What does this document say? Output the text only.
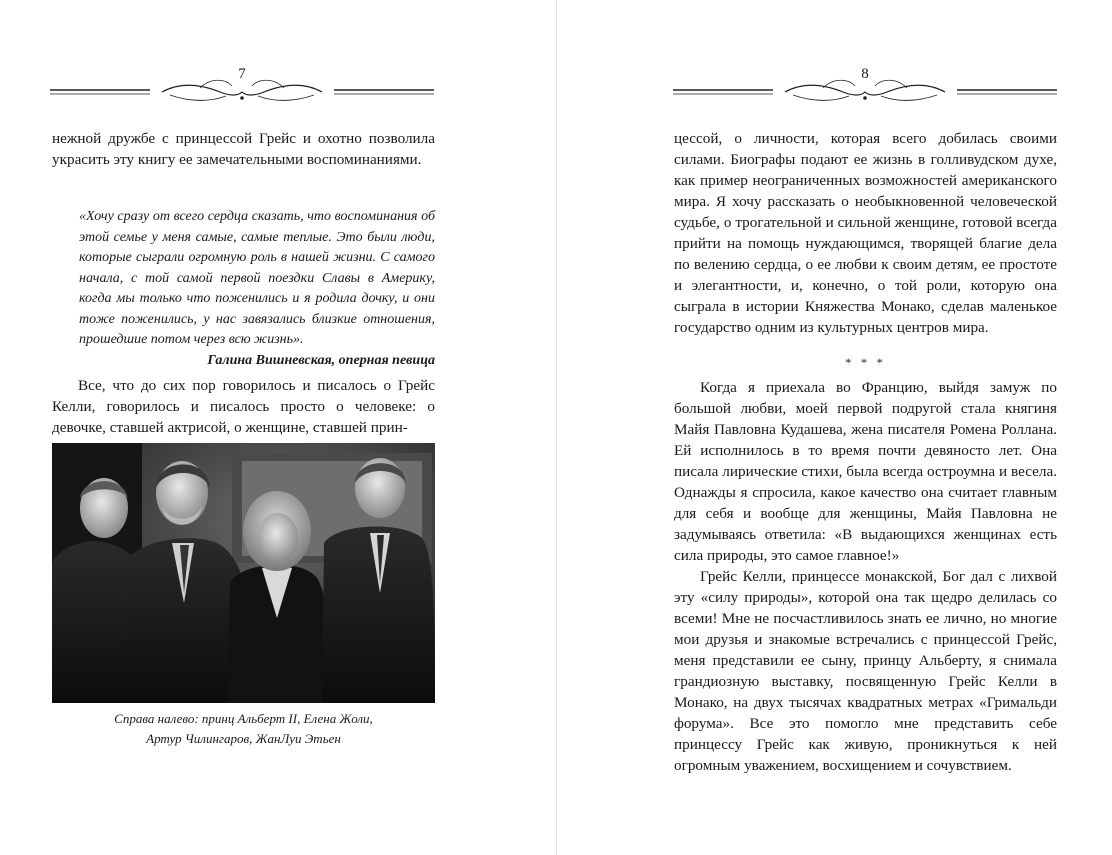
7

нежной дружбе с принцессой Грейс и охотно позволила украсить эту книгу ее замечательными воспоминаниями.

«Хочу сразу от всего сердца сказать, что воспоминания об этой семье у меня самые, самые теплые. Это были люди, которые сыграли огромную роль в нашей жизни. С самого начала, с той самой первой поездки Славы в Америку, когда мы только что поженились и я родила дочку, и они тоже поженились, у нас завязались близкие отношения, прошедшие потом через всю жизнь».

Галина Вишневская, оперная певица

Все, что до сих пор говорилось и писалось о Грейс Келли, говорилось и писалось просто о человеке: о девочке, ставшей актрисой, о женщине, ставшей прин-

Справа налево: принц Альберт II, Елена Жоли,
Артур Чилингаров, ЖанЛуи Этьен
8

цессой, о личности, которая всего добилась своими силами. Биографы подают ее жизнь в голливудском духе, как пример неограниченных возможностей американского мира. Я хочу рассказать о необыкновенной человеческой судьбе, о трогательной и сильной женщине, готовой всегда прийти на помощь нуждающимся, творящей благие дела по велению сердца, о ее любви к своим детям, ее простоте и элегантности, и, конечно, о той роли, которую она сыграла в истории Княжества Монако, сделав маленькое государство одним из культурных центров мира.

* * *

Когда я приехала во Францию, выйдя замуж по большой любви, моей первой подругой стала княгиня Майя Павловна Кудашева, жена писателя Ромена Роллана. Ей исполнилось в то время почти девяносто лет. Она писала лирические стихи, была всегда остроумна и весела. Однажды я спросила, какое качество она считает главным для себя и вообще для женщины, Майя Павловна не задумываясь ответила: «В выдающихся женщинах есть сила природы, это самое главное!»

Грейс Келли, принцессе монакской, Бог дал с лихвой эту «силу природы», которой она так щедро делилась со всеми! Мне не посчастливилось знать ее лично, но многие мои друзья и знакомые встречались с принцессой Грейс, меня представили ее сыну, принцу Альберту, я снимала грандиозную выставку, посвященную Грейс Келли в Монако, на двух тысячах квадратных метрах «Гримальди форума». Все это помогло мне представить себе принцессу Грейс как живую, проникнуться к ней огромным уважением, восхищением и сочувствием.
